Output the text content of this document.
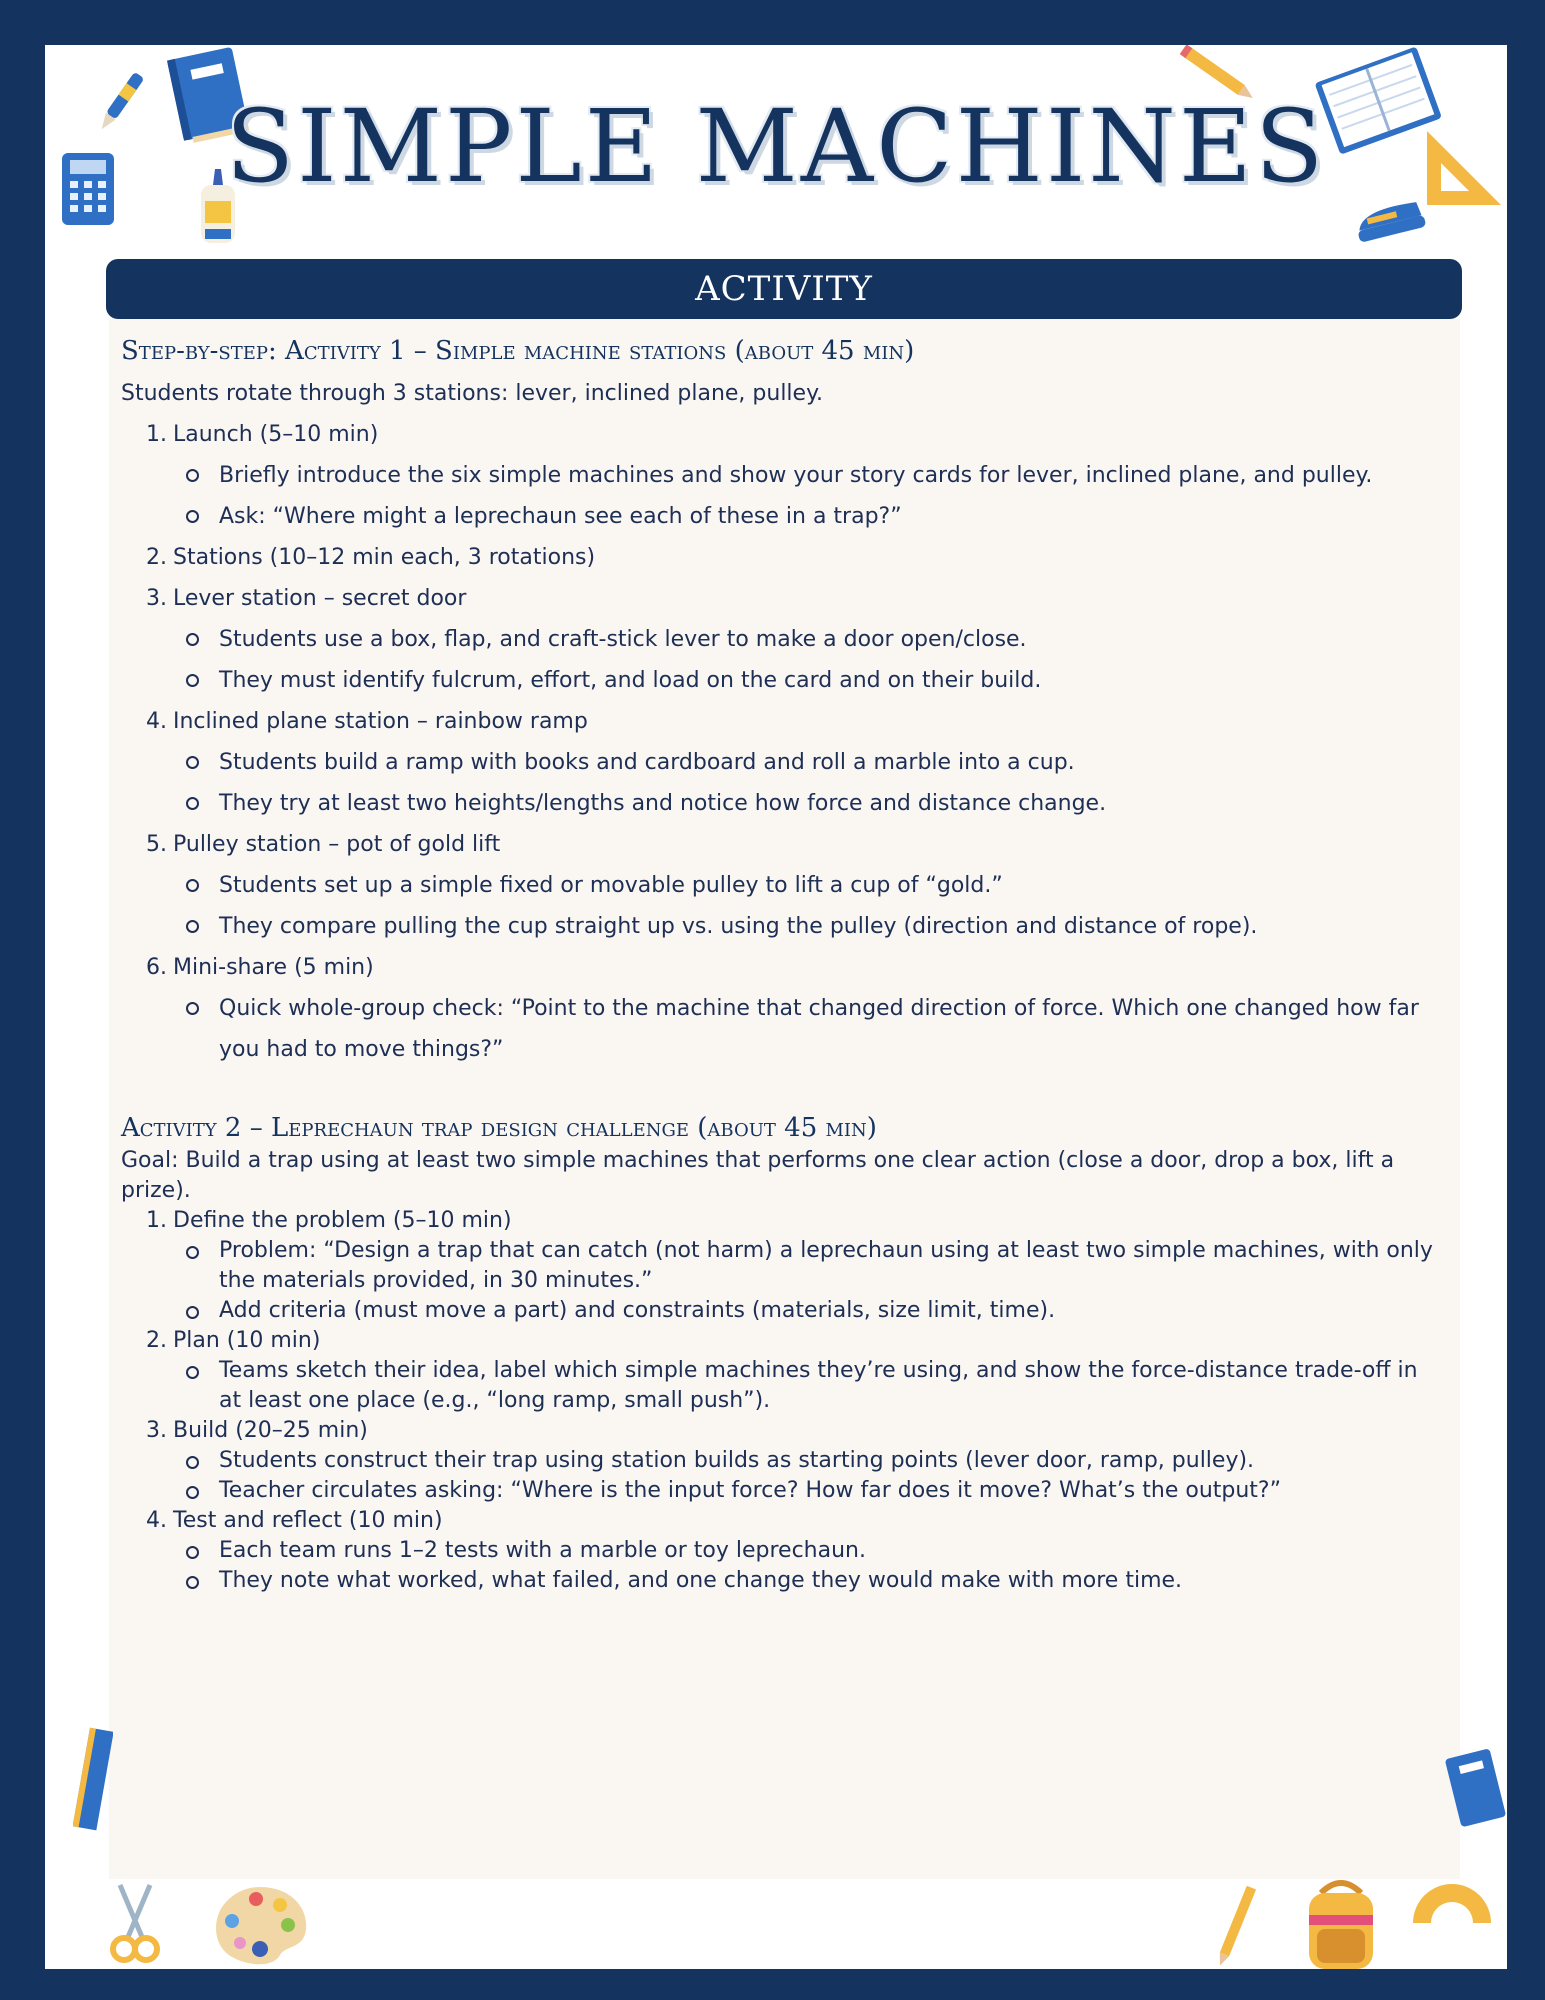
SIMPLE MACHINES
ACTIVITY

Step-by-step: Activity 1 – Simple machine stations (about 45 min)

Students rotate through 3 stations: lever, inclined plane, pulley.

1. Launch (5–10 min)
Briefly introduce the six simple machines and show your story cards for lever, inclined plane, and pulley.
Ask: “Where might a leprechaun see each of these in a trap?”
2. Stations (10–12 min each, 3 rotations)
3. Lever station – secret door
Students use a box, flap, and craft-stick lever to make a door open/close.
They must identify fulcrum, effort, and load on the card and on their build.
4. Inclined plane station – rainbow ramp
Students build a ramp with books and cardboard and roll a marble into a cup.
They try at least two heights/lengths and notice how force and distance change.
5. Pulley station – pot of gold lift
Students set up a simple fixed or movable pulley to lift a cup of “gold.”
They compare pulling the cup straight up vs. using the pulley (direction and distance of rope).
6. Mini-share (5 min)
Quick whole-group check: “Point to the machine that changed direction of force. Which one changed how far you had to move things?”

Activity 2 – Leprechaun trap design challenge (about 45 min)

Goal: Build a trap using at least two simple machines that performs one clear action (close a door, drop a box, lift a prize).

1. Define the problem (5–10 min)
Problem: “Design a trap that can catch (not harm) a leprechaun using at least two simple machines, with only the materials provided, in 30 minutes.”
Add criteria (must move a part) and constraints (materials, size limit, time).
2. Plan (10 min)
Teams sketch their idea, label which simple machines they’re using, and show the force-distance trade-off in at least one place (e.g., “long ramp, small push”).
3. Build (20–25 min)
Students construct their trap using station builds as starting points (lever door, ramp, pulley).
Teacher circulates asking: “Where is the input force? How far does it move? What’s the output?”
4. Test and reflect (10 min)
Each team runs 1–2 tests with a marble or toy leprechaun.
They note what worked, what failed, and one change they would make with more time.
